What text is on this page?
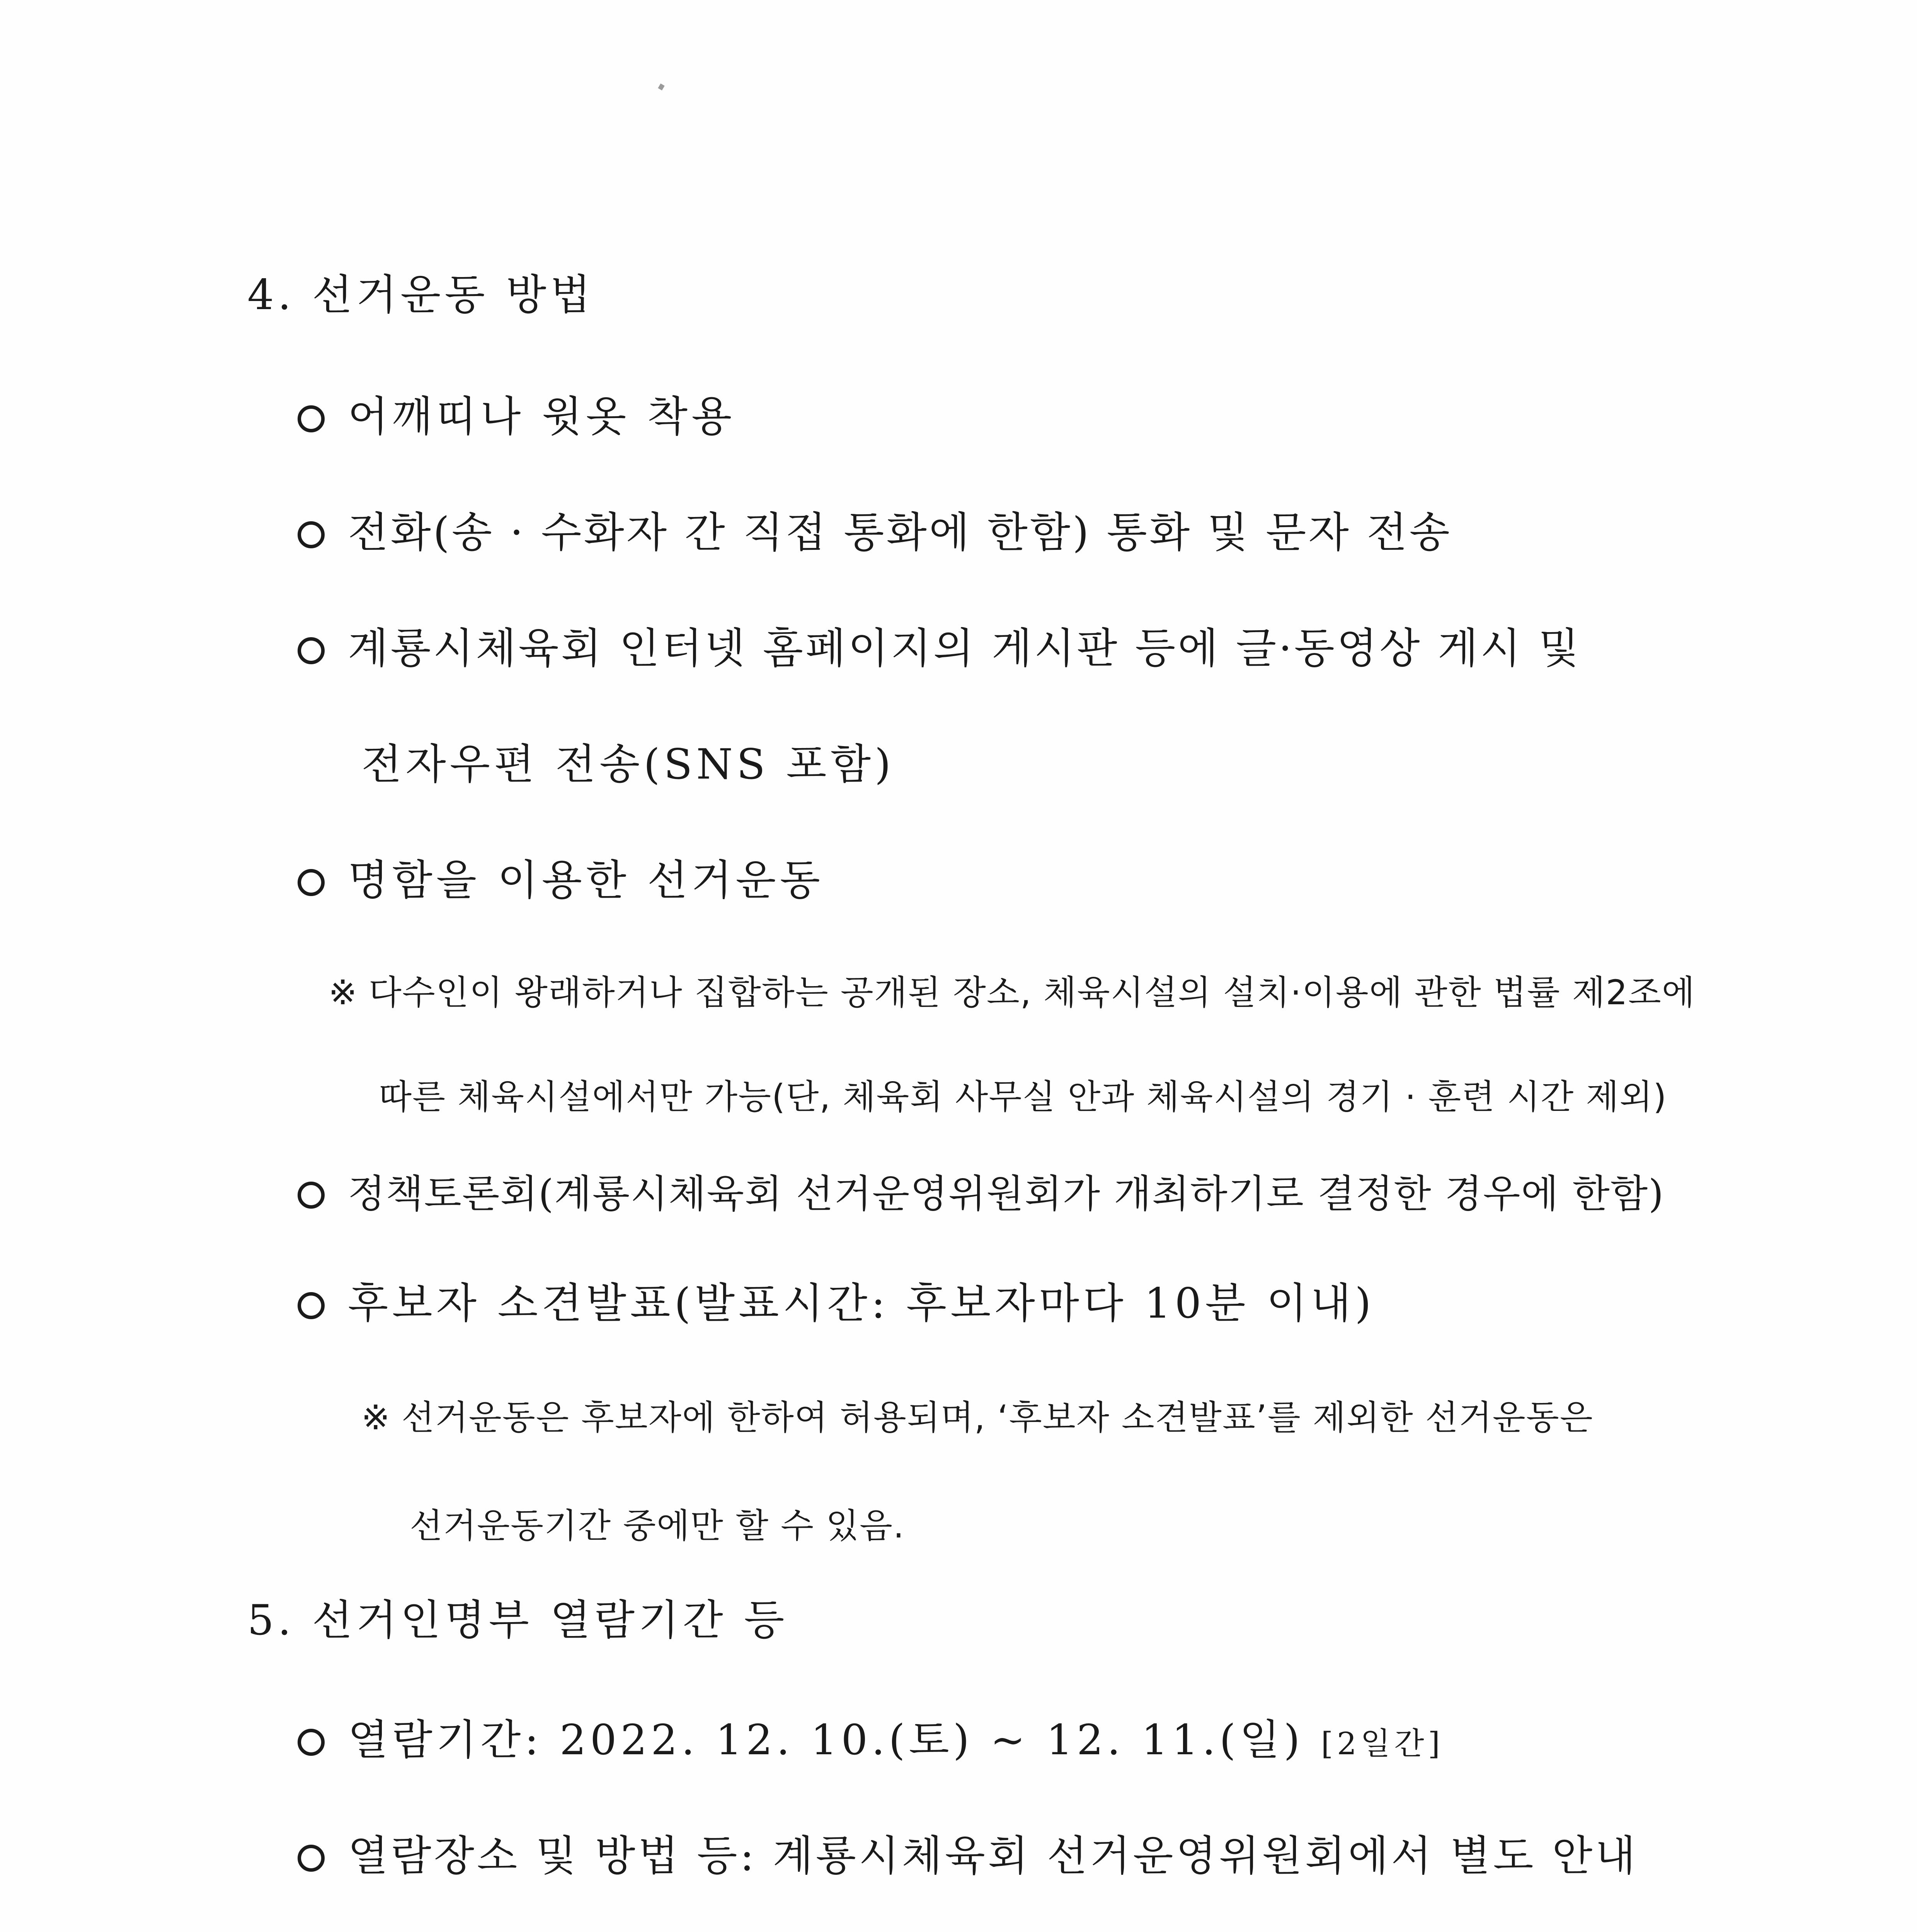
4. 선거운동 방법
어깨띠나 윗옷 착용
전화(송 · 수화자 간 직접 통화에 한함) 통화 및 문자 전송
계룡시체육회 인터넷 홈페이지의 게시판 등에 글·동영상 게시 및
전자우편 전송(SNS 포함)
명함을 이용한 선거운동
※ 다수인이 왕래하거나 집합하는 공개된 장소, 체육시설의 설치·이용에 관한 법률 제2조에
따른 체육시설에서만 가능(단, 체육회 사무실 안과 체육시설의 경기 · 훈련 시간 제외)
정책토론회(계룡시체육회 선거운영위원회가 개최하기로 결정한 경우에 한함)
후보자 소견발표(발표시간: 후보자마다 10분 이내)
※ 선거운동은 후보자에 한하여 허용되며, ‘후보자 소견발표’를 제외한 선거운동은
선거운동기간 중에만 할 수 있음.
5. 선거인명부 열람기간 등
열람기간: 2022. 12. 10.(토) ~ 12. 11.(일) [2일간]
열람장소 및 방법 등: 계룡시체육회 선거운영위원회에서 별도 안내
